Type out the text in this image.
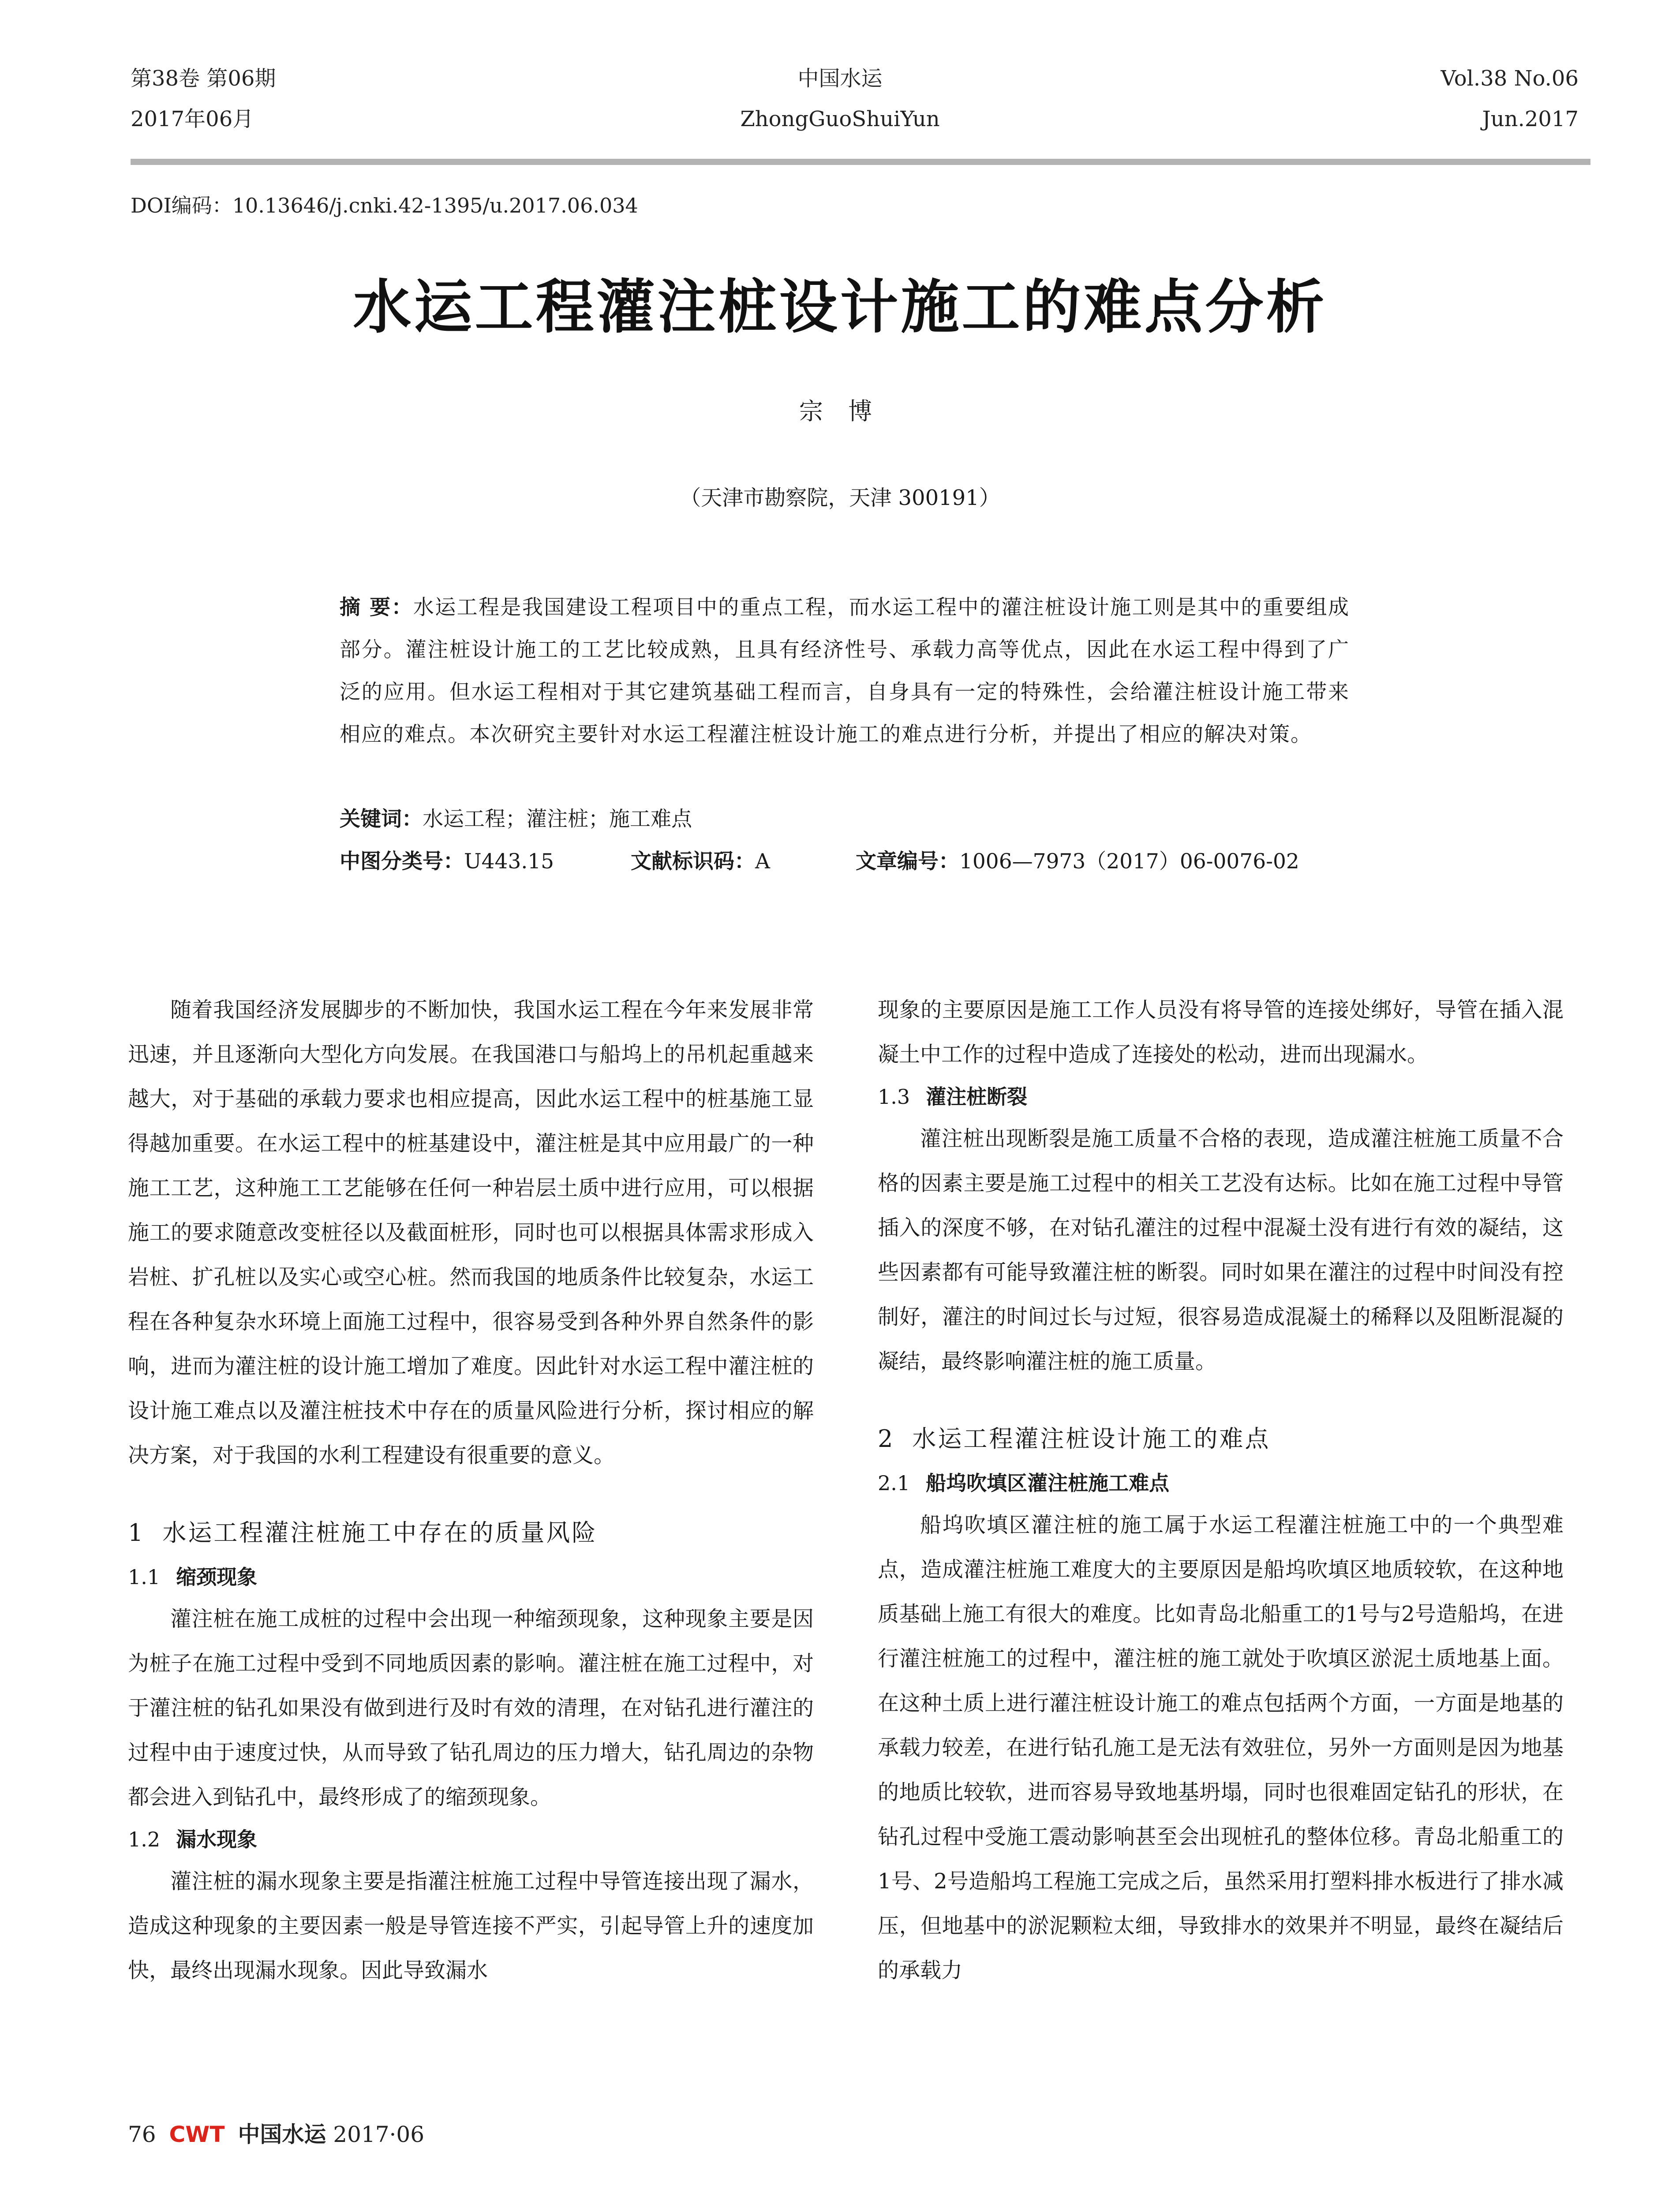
第38卷 第06期
2017年06月
中国水运
ZhongGuoShuiYun
Vol.38 No.06
Jun.2017
DOI编码：10.13646/j.cnki.42-1395/u.2017.06.034
水运工程灌注桩设计施工的难点分析
宗 博
（天津市勘察院，天津 300191）
摘 要：水运工程是我国建设工程项目中的重点工程，而水运工程中的灌注桩设计施工则是其中的重要组成部分。灌注桩设计施工的工艺比较成熟，且具有经济性号、承载力高等优点，因此在水运工程中得到了广泛的应用。但水运工程相对于其它建筑基础工程而言，自身具有一定的特殊性，会给灌注桩设计施工带来相应的难点。本次研究主要针对水运工程灌注桩设计施工的难点进行分析，并提出了相应的解决对策。
关键词：水运工程；灌注桩；施工难点
中图分类号：U443.15	文献标识码：A	文章编号：1006—7973（2017）06-0076-02

随着我国经济发展脚步的不断加快，我国水运工程在今年来发展非常迅速，并且逐渐向大型化方向发展。在我国港口与船坞上的吊机起重越来越大，对于基础的承载力要求也相应提高，因此水运工程中的桩基施工显得越加重要。在水运工程中的桩基建设中，灌注桩是其中应用最广的一种施工工艺，这种施工工艺能够在任何一种岩层土质中进行应用，可以根据施工的要求随意改变桩径以及截面桩形，同时也可以根据具体需求形成入岩桩、扩孔桩以及实心或空心桩。然而我国的地质条件比较复杂，水运工程在各种复杂水环境上面施工过程中，很容易受到各种外界自然条件的影响，进而为灌注桩的设计施工增加了难度。因此针对水运工程中灌注桩的设计施工难点以及灌注桩技术中存在的质量风险进行分析，探讨相应的解决方案，对于我国的水利工程建设有很重要的意义。

1 水运工程灌注桩施工中存在的质量风险
1.1 缩颈现象

灌注桩在施工成桩的过程中会出现一种缩颈现象，这种现象主要是因为桩子在施工过程中受到不同地质因素的影响。灌注桩在施工过程中，对于灌注桩的钻孔如果没有做到进行及时有效的清理，在对钻孔进行灌注的过程中由于速度过快，从而导致了钻孔周边的压力增大，钻孔周边的杂物都会进入到钻孔中，最终形成了的缩颈现象。

1.2 漏水现象

灌注桩的漏水现象主要是指灌注桩施工过程中导管连接出现了漏水，造成这种现象的主要因素一般是导管连接不严实，引起导管上升的速度加快，最终出现漏水现象。因此导致漏水

现象的主要原因是施工工作人员没有将导管的连接处绑好，导管在插入混凝土中工作的过程中造成了连接处的松动，进而出现漏水。

1.3 灌注桩断裂

灌注桩出现断裂是施工质量不合格的表现，造成灌注桩施工质量不合格的因素主要是施工过程中的相关工艺没有达标。比如在施工过程中导管插入的深度不够，在对钻孔灌注的过程中混凝土没有进行有效的凝结，这些因素都有可能导致灌注桩的断裂。同时如果在灌注的过程中时间没有控制好，灌注的时间过长与过短，很容易造成混凝土的稀释以及阻断混凝的凝结，最终影响灌注桩的施工质量。

2 水运工程灌注桩设计施工的难点
2.1 船坞吹填区灌注桩施工难点

船坞吹填区灌注桩的施工属于水运工程灌注桩施工中的一个典型难点，造成灌注桩施工难度大的主要原因是船坞吹填区地质较软，在这种地质基础上施工有很大的难度。比如青岛北船重工的1号与2号造船坞，在进行灌注桩施工的过程中，灌注桩的施工就处于吹填区淤泥土质地基上面。在这种土质上进行灌注桩设计施工的难点包括两个方面，一方面是地基的承载力较差，在进行钻孔施工是无法有效驻位，另外一方面则是因为地基的地质比较软，进而容易导致地基坍塌，同时也很难固定钻孔的形状，在钻孔过程中受施工震动影响甚至会出现桩孔的整体位移。青岛北船重工的1号、2号造船坞工程施工完成之后，虽然采用打塑料排水板进行了排水减压，但地基中的淤泥颗粒太细，导致排水的效果并不明显，最终在凝结后的承载力

76 CWT 中国水运 2017·06
